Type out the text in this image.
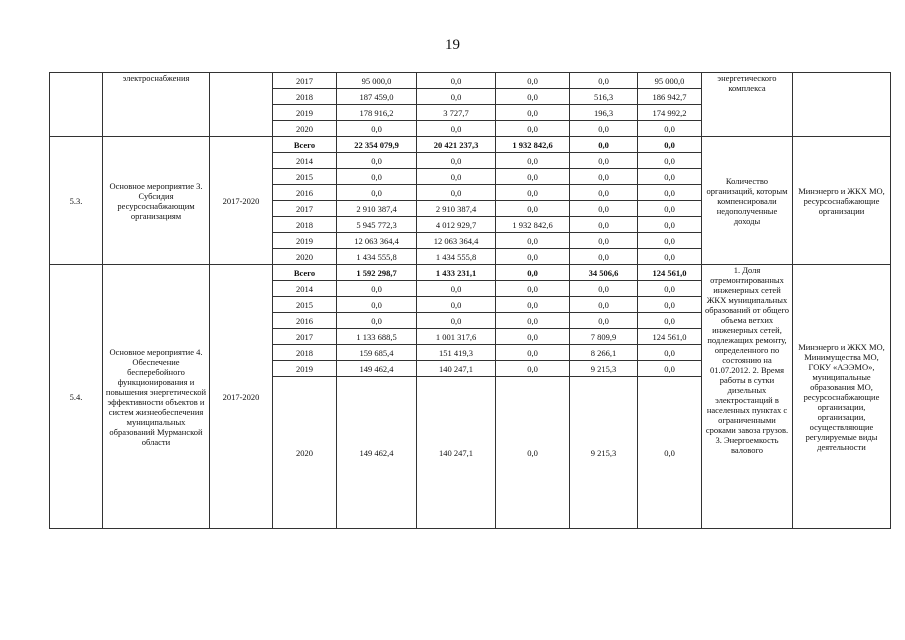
19
	электроснабжения		2017	95 000,0	0,0	0,0	0,0	95 000,0	энергетического комплекса	
			2018	187 459,0	0,0	0,0	516,3	186 942,7		
			2019	178 916,2	3 727,7	0,0	196,3	174 992,2		
			2020	0,0	0,0	0,0	0,0	0,0		
5.3.	Основное мероприятие 3. Субсидия ресурсоснабжающим организациям	2017-2020	Всего	22 354 079,9	20 421 237,3	1 932 842,6	0,0	0,0	Количество организаций, которым компенсировали недополученные доходы	Минэнерго и ЖКХ МО, ресурсоснабжающие организации
			2014	0,0	0,0	0,0	0,0	0,0		
			2015	0,0	0,0	0,0	0,0	0,0		
			2016	0,0	0,0	0,0	0,0	0,0		
			2017	2 910 387,4	2 910 387,4	0,0	0,0	0,0		
			2018	5 945 772,3	4 012 929,7	1 932 842,6	0,0	0,0		
			2019	12 063 364,4	12 063 364,4	0,0	0,0	0,0		
			2020	1 434 555,8	1 434 555,8	0,0	0,0	0,0		
5.4.	Основное мероприятие 4. Обеспечение бесперебойного функционирования и повышения энергетической эффективности объектов и систем жизнеобеспечения муниципальных образований Мурманской области	2017-2020	Всего	1 592 298,7	1 433 231,1	0,0	34 506,6	124 561,0	1. Доля отремонтированных инженерных сетей ЖКХ муниципальных образований от общего объема ветхих инженерных сетей, подлежащих ремонту, определенного по состоянию на 01.07.2012. 2. Время работы в сутки дизельных электростанций в населенных пунктах с ограниченными сроками завоза грузов. 3. Энергоемкость валового	Минэнерго и ЖКХ МО, Минимущества МО, ГОКУ «АЭЭМО», муниципальные образования МО, ресурсоснабжающие организации, организации, осуществляющие регулируемые виды деятельности
			2014	0,0	0,0	0,0	0,0	0,0		
			2015	0,0	0,0	0,0	0,0	0,0		
			2016	0,0	0,0	0,0	0,0	0,0		
			2017	1 133 688,5	1 001 317,6	0,0	7 809,9	124 561,0		
			2018	159 685,4	151 419,3	0,0	8 266,1	0,0		
			2019	149 462,4	140 247,1	0,0	9 215,3	0,0		
			2020	149 462,4	140 247,1	0,0	9 215,3	0,0		
